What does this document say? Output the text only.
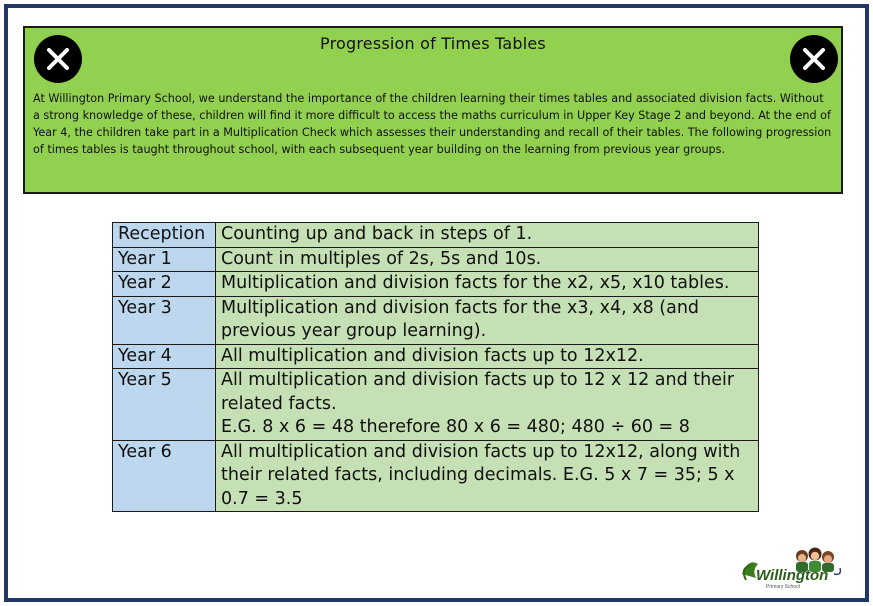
Progression of Times Tables
At Willington Primary School, we understand the importance of the children learning their times tables and associated division facts. Without a strong knowledge of these, children will find it more difficult to access the maths curriculum in Upper Key Stage 2 and beyond. At the end of Year 4, the children take part in a Multiplication Check which assesses their understanding and recall of their tables. The following progression of times tables is taught throughout school, with each subsequent year building on the learning from previous year groups.
Reception	Counting up and back in steps of 1.
Year 1	Count in multiples of 2s, 5s and 10s.
Year 2	Multiplication and division facts for the x2, x5, x10 tables.
Year 3	Multiplication and division facts for the x3, x4, x8 (and previous year group learning).
Year 4	All multiplication and division facts up to 12x12.
Year 5	All multiplication and division facts up to 12 x 12 and their related facts.
E.G. 8 x 6 = 48 therefore 80 x 6 = 480; 480 ÷ 60 = 8

Year 6	All multiplication and division facts up to 12x12, along with their related facts, including decimals. E.G. 5 x 7 = 35; 5 x 0.7 = 3.5
Willington
Primary School
